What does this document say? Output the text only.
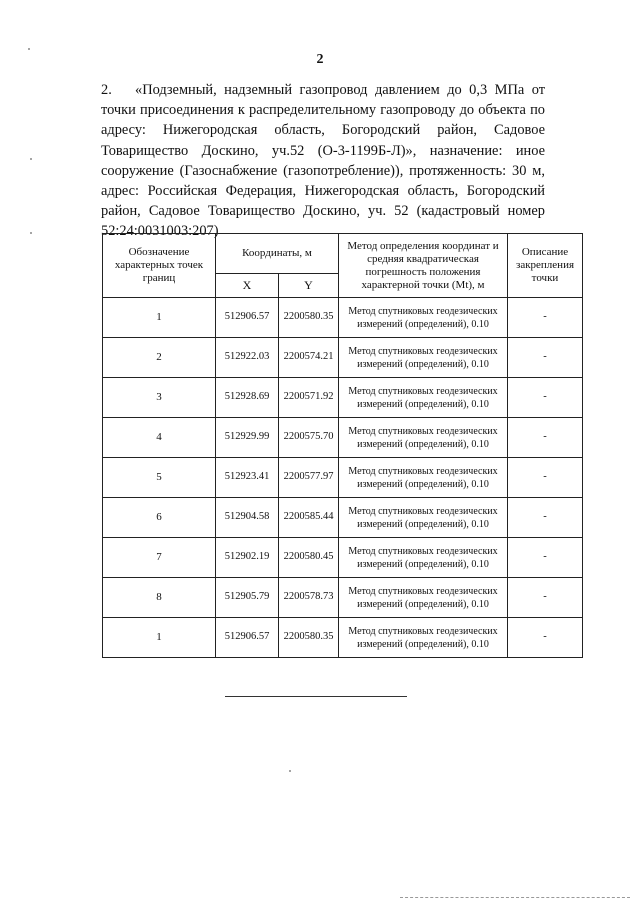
2
2. «Подземный, надземный газопровод давлением до 0,3 МПа от точки присоединения к распределительному газопроводу до объекта по адресу: Нижегородская область, Богородский район, Садовое Товарищество Доскино, уч.52 (О-3-1199Б-Л)», назначение: иное сооружение (Газоснабжение (газопотребление)), протяженность: 30 м, адрес: Российская Федерация, Нижегородская область, Богородский район, Садовое Товарищество Доскино, уч. 52 (кадастровый номер 52:24:0031003:207)
Обозначение характерных точек границ	Координаты, м		Метод определения координат и средняя квадратическая погрешность положения характерной точки (Mt), м	Описание закрепления точки
	X	Y		
1	512906.57	2200580.35	Метод спутниковых геодезических измерений (определений), 0.10	-
2	512922.03	2200574.21	Метод спутниковых геодезических измерений (определений), 0.10	-
3	512928.69	2200571.92	Метод спутниковых геодезических измерений (определений), 0.10	-
4	512929.99	2200575.70	Метод спутниковых геодезических измерений (определений), 0.10	-
5	512923.41	2200577.97	Метод спутниковых геодезических измерений (определений), 0.10	-
6	512904.58	2200585.44	Метод спутниковых геодезических измерений (определений), 0.10	-
7	512902.19	2200580.45	Метод спутниковых геодезических измерений (определений), 0.10	-
8	512905.79	2200578.73	Метод спутниковых геодезических измерений (определений), 0.10	-
1	512906.57	2200580.35	Метод спутниковых геодезических измерений (определений), 0.10	-
